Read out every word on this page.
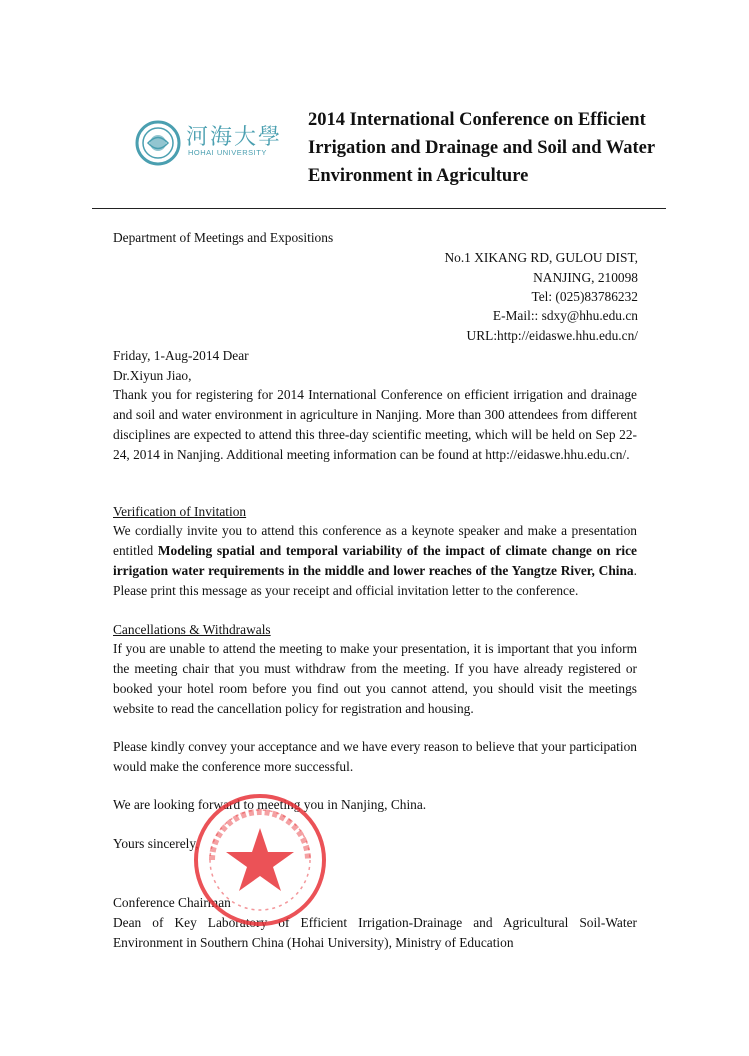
河海大學
HOHAI UNIVERSITY
2014 International Conference on Efficient
Irrigation and Drainage and Soil and Water
Environment in Agriculture
Department of Meetings and Expositions
No.1 XIKANG RD, GULOU DIST,
NANJING, 210098
Tel: (025)83786232
E-Mail:: sdxy@hhu.edu.cn
URL:http://eidaswe.hhu.edu.cn/
Friday, 1-Aug-2014 Dear
Dr.Xiyun Jiao,
Thank you for registering for 2014 International Conference on efficient irrigation and drainage and soil and water environment in agriculture in Nanjing. More than 300 attendees from different disciplines are expected to attend this three-day scientific meeting, which will be held on Sep 22-24, 2014 in Nanjing. Additional meeting information can be found at http://eidaswe.hhu.edu.cn/.
Verification of Invitation
We cordially invite you to attend this conference as a keynote speaker and make a presentation entitled Modeling spatial and temporal variability of the impact of climate change on rice irrigation water requirements in the middle and lower reaches of the Yangtze River, China. Please print this message as your receipt and official invitation letter to the conference.
Cancellations & Withdrawals
If you are unable to attend the meeting to make your presentation, it is important that you inform the meeting chair that you must withdraw from the meeting. If you have already registered or booked your hotel room before you find out you cannot attend, you should visit the meetings website to read the cancellation policy for registration and housing.
Please kindly convey your acceptance and we have every reason to believe that your participation would make the conference more successful.
We are looking forward to meeting you in Nanjing, China.
Yours sincerely,
Conference Chairman
Dean of Key Laboratory of Efficient Irrigation-Drainage and Agricultural Soil-Water Environment in Southern China (Hohai University), Ministry of Education
